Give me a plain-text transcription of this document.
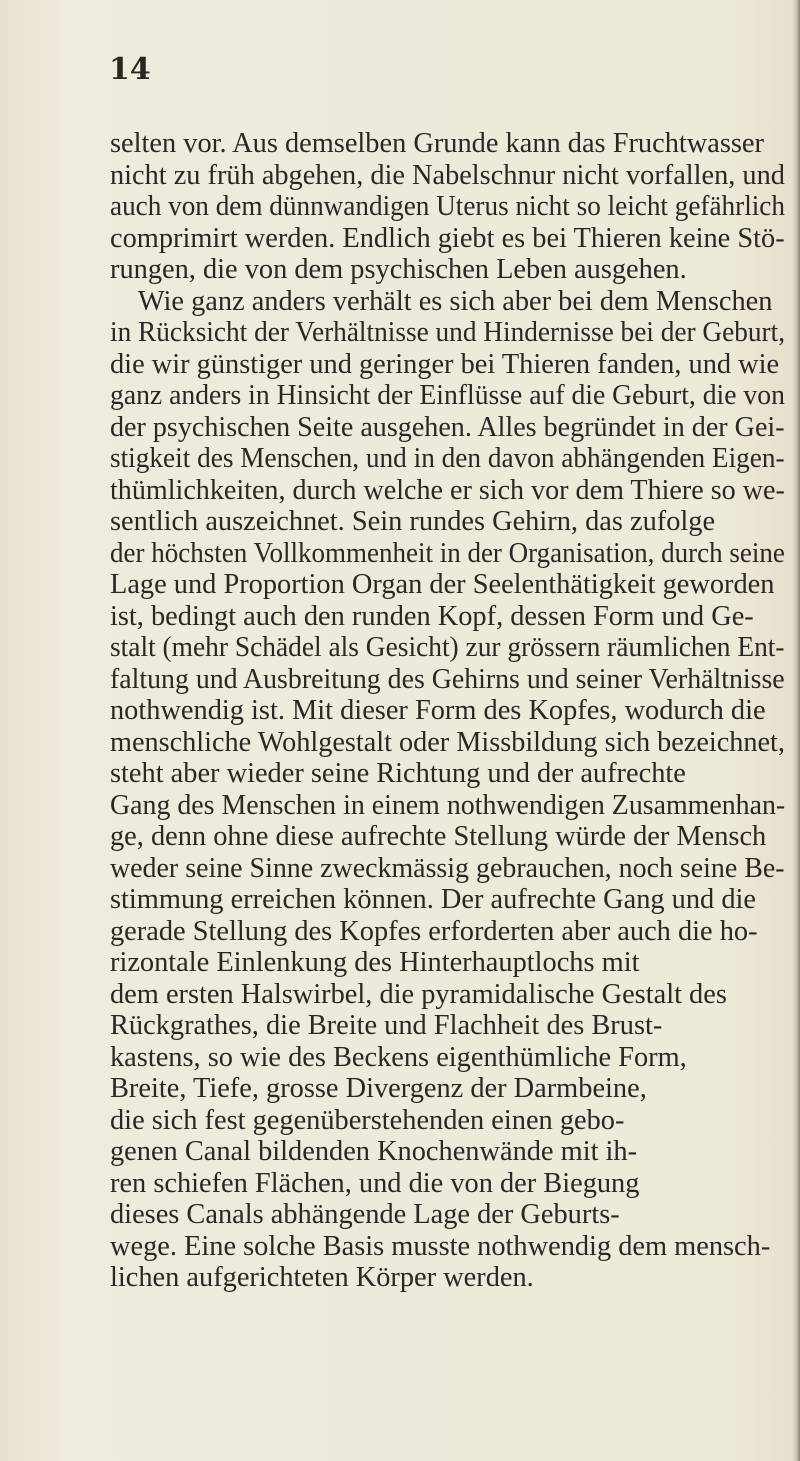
14

selten vor. Aus demselben Grunde kann das Fruchtwasser
nicht zu früh abgehen, die Nabelschnur nicht vorfallen, und
auch von dem dünnwandigen Uterus nicht so leicht gefährlich
comprimirt werden. Endlich giebt es bei Thieren keine Stö-
rungen, die von dem psychischen Leben ausgehen.
Wie ganz anders verhält es sich aber bei dem Menschen
in Rücksicht der Verhältnisse und Hindernisse bei der Geburt,
die wir günstiger und geringer bei Thieren fanden, und wie
ganz anders in Hinsicht der Einflüsse auf die Geburt, die von
der psychischen Seite ausgehen. Alles begründet in der Gei-
stigkeit des Menschen, und in den davon abhängenden Eigen-
thümlichkeiten, durch welche er sich vor dem Thiere so we-
sentlich auszeichnet. Sein rundes Gehirn, das zufolge
der höchsten Vollkommenheit in der Organisation, durch seine
Lage und Proportion Organ der Seelenthätigkeit geworden
ist, bedingt auch den runden Kopf, dessen Form und Ge-
stalt (mehr Schädel als Gesicht) zur grössern räumlichen Ent-
faltung und Ausbreitung des Gehirns und seiner Verhältnisse
nothwendig ist. Mit dieser Form des Kopfes, wodurch die
menschliche Wohlgestalt oder Missbildung sich bezeichnet,
steht aber wieder seine Richtung und der aufrechte
Gang des Menschen in einem nothwendigen Zusammenhan-
ge, denn ohne diese aufrechte Stellung würde der Mensch
weder seine Sinne zweckmässig gebrauchen, noch seine Be-
stimmung erreichen können. Der aufrechte Gang und die
gerade Stellung des Kopfes erforderten aber auch die ho-
rizontale Einlenkung des Hinterhauptlochs mit
dem ersten Halswirbel, die pyramidalische Gestalt des
Rückgrathes, die Breite und Flachheit des Brust-
kastens, so wie des Beckens eigenthümliche Form,
Breite, Tiefe, grosse Divergenz der Darmbeine,
die sich fest gegenüberstehenden einen gebo-
genen Canal bildenden Knochenwände mit ih-
ren schiefen Flächen, und die von der Biegung
dieses Canals abhängende Lage der Geburts-
wege. Eine solche Basis musste nothwendig dem mensch-
lichen aufgerichteten Körper werden.
